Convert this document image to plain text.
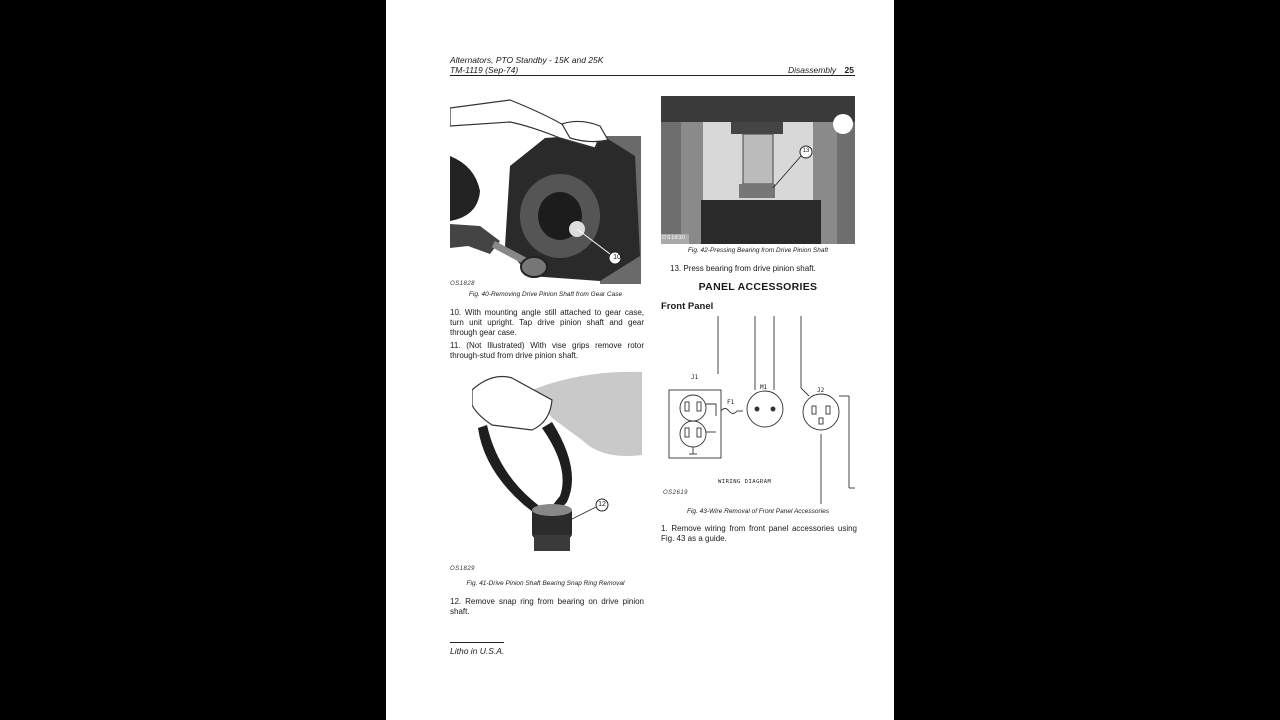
Alternators, PTO Standby - 15K and 25K
TM-1119 (Sep-74)	Disassembly 25
10
OS1828
Fig. 40-Removing Drive Pinion Shaft from Gear Case
10. With mounting angle still attached to gear case, turn unit upright. Tap drive pinion shaft and gear through gear case.
11. (Not Illustrated) With vise grips remove rotor through-stud from drive pinion shaft.
12
OS1829
Fig. 41-Drive Pinion Shaft Bearing Snap Ring Removal
12. Remove snap ring from bearing on drive pinion shaft.
Litho in U.S.A.
13
OS1830
Fig. 42-Pressing Bearing from Drive Pinion Shaft
13. Press bearing from drive pinion shaft.
PANEL ACCESSORIES
Front Panel
J1
F1
M1	J2
WIRING DIAGRAM
OS2619
Fig. 43-Wire Removal of Front Panel Accessories
1. Remove wiring from front panel accessories using Fig. 43 as a guide.
